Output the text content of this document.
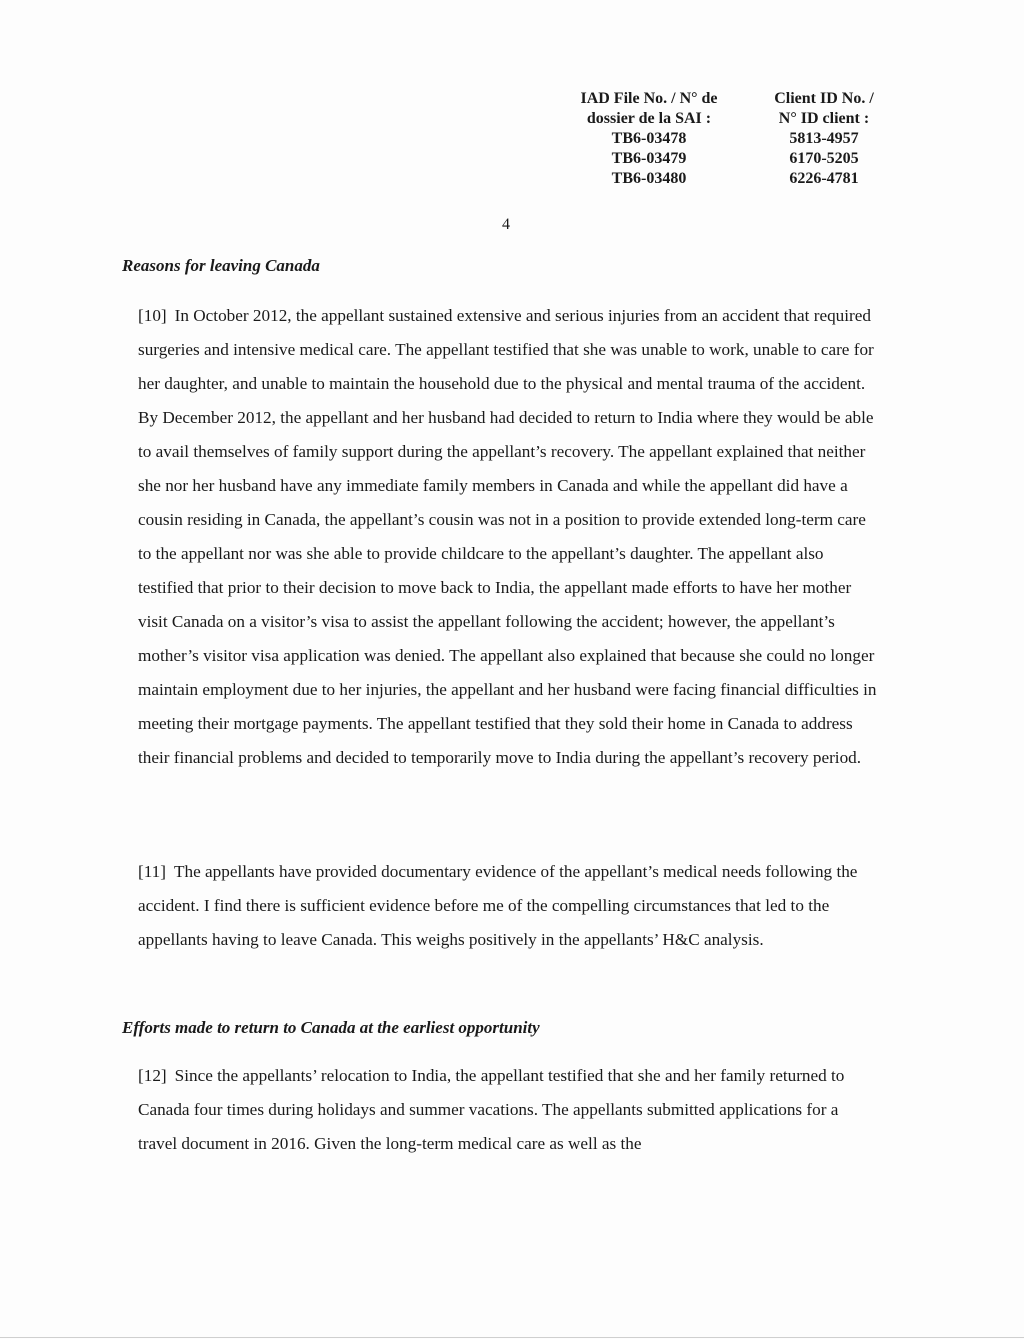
IAD File No. / N° de
dossier de la SAI :
TB6-03478
TB6-03479
TB6-03480
Client ID No. /
N° ID client :
5813-4957
6170-5205
6226-4781
4
Reasons for leaving Canada

[10] In October 2012, the appellant sustained extensive and serious injuries from an accident that required surgeries and intensive medical care. The appellant testified that she was unable to work, unable to care for her daughter, and unable to maintain the household due to the physical and mental trauma of the accident. By December 2012, the appellant and her husband had decided to return to India where they would be able to avail themselves of family support during the appellant’s recovery. The appellant explained that neither she nor her husband have any immediate family members in Canada and while the appellant did have a cousin residing in Canada, the appellant’s cousin was not in a position to provide extended long-term care to the appellant nor was she able to provide childcare to the appellant’s daughter. The appellant also testified that prior to their decision to move back to India, the appellant made efforts to have her mother visit Canada on a visitor’s visa to assist the appellant following the accident; however, the appellant’s mother’s visitor visa application was denied. The appellant also explained that because she could no longer maintain employment due to her injuries, the appellant and her husband were facing financial difficulties in meeting their mortgage payments. The appellant testified that they sold their home in Canada to address their financial problems and decided to temporarily move to India during the appellant’s recovery period.

[11] The appellants have provided documentary evidence of the appellant’s medical needs following the accident. I find there is sufficient evidence before me of the compelling circumstances that led to the appellants having to leave Canada. This weighs positively in the appellants’ H&C analysis.

Efforts made to return to Canada at the earliest opportunity

[12] Since the appellants’ relocation to India, the appellant testified that she and her family returned to Canada four times during holidays and summer vacations. The appellants submitted applications for a travel document in 2016. Given the long-term medical care as well as the
